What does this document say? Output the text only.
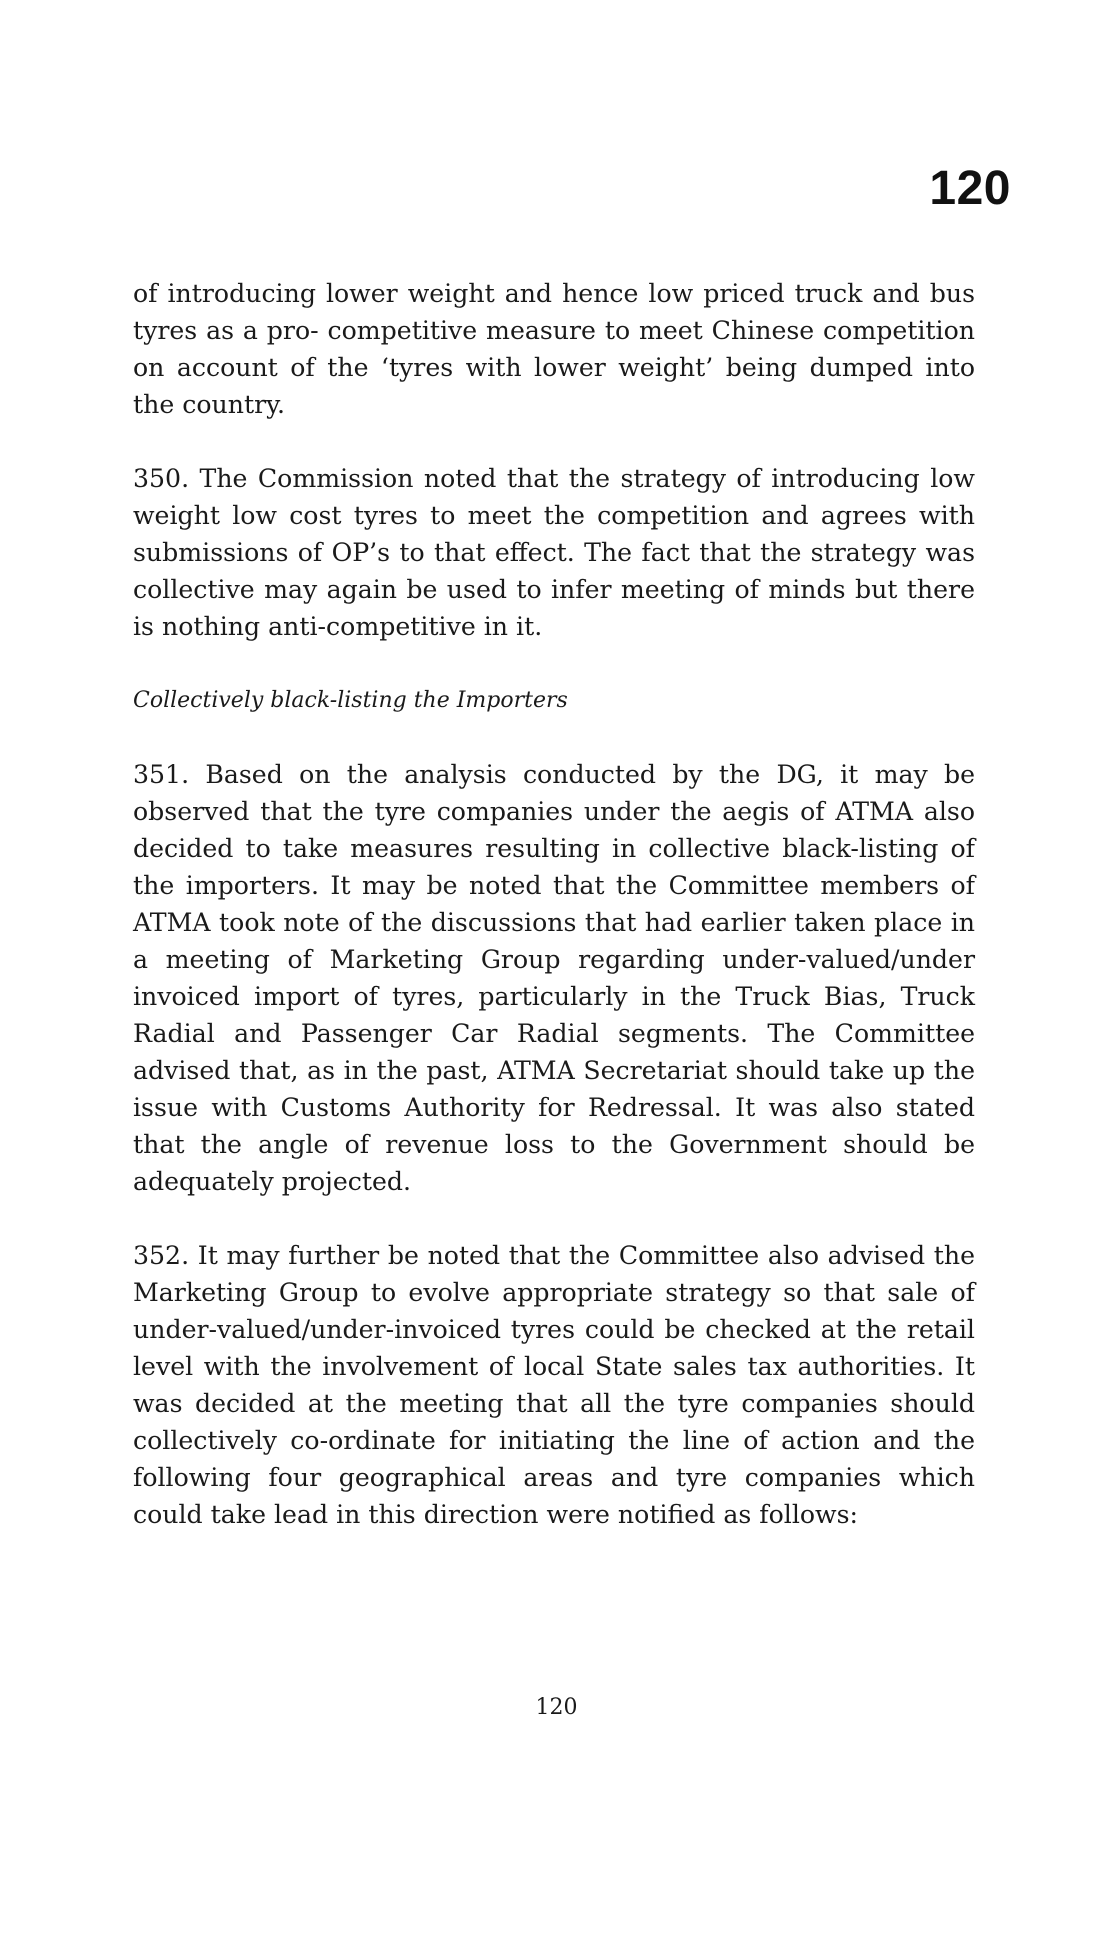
120

of introducing lower weight and hence low priced truck and bus tyres as a pro- competitive measure to meet Chinese competition on account of the ‘tyres with lower weight’ being dumped into the country.

350. The Commission noted that the strategy of introducing low weight low cost tyres to meet the competition and agrees with submissions of OP’s to that effect. The fact that the strategy was collective may again be used to infer meeting of minds but there is nothing anti-competitive in it.

Collectively black-listing the Importers

351. Based on the analysis conducted by the DG, it may be observed that the tyre companies under the aegis of ATMA also decided to take measures resulting in collective black-listing of the importers. It may be noted that the Committee members of ATMA took note of the discussions that had earlier taken place in a meeting of Marketing Group regarding under-valued/under invoiced import of tyres, particularly in the Truck Bias, Truck Radial and Passenger Car Radial segments. The Committee advised that, as in the past, ATMA Secretariat should take up the issue with Customs Authority for Redressal. It was also stated that the angle of revenue loss to the Government should be adequately projected.

352. It may further be noted that the Committee also advised the Marketing Group to evolve appropriate strategy so that sale of under-valued/under-invoiced tyres could be checked at the retail level with the involvement of local State sales tax authorities. It was decided at the meeting that all the tyre companies should collectively co-ordinate for initiating the line of action and the following four geographical areas and tyre companies which could take lead in this direction were notified as follows:

120
